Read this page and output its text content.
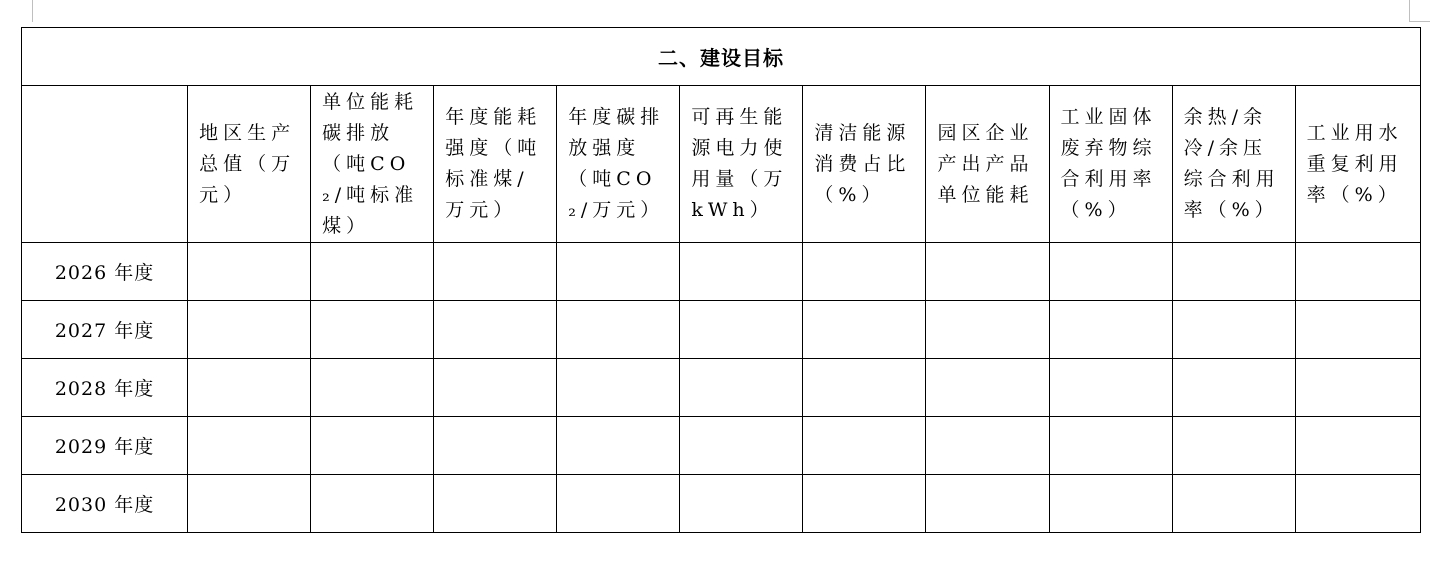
二、建设目标										

	地区生产总值（万元）	单位能耗碳排放（吨CO₂/吨标准煤）	年度能耗强度（吨标准煤/万元）	年度碳排放强度（吨CO₂/万元）	可再生能源电力使用量（万kWh）	清洁能源消费占比（%）	园区企业产出产品单位能耗	工业固体废弃物综合利用率（%）	余热/余冷/余压综合利用率（%）	工业用水重复利用率（%）

2026 年度										
2027 年度										
2028 年度										
2029 年度										
2030 年度										
